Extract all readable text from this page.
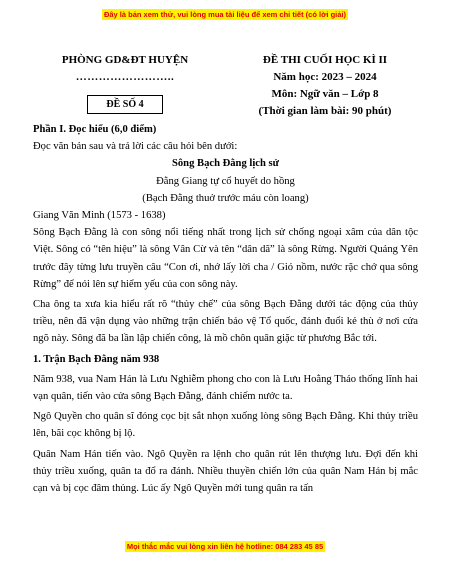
Đây là bản xem thử, vui lòng mua tài liệu để xem chi tiết (có lời giải)
PHÒNG GD&ĐT HUYỆN
……………………..
ĐỀ SỐ 4
ĐỀ THI CUỐI HỌC KÌ II
Năm học: 2023 – 2024
Môn: Ngữ văn – Lớp 8
(Thời gian làm bài: 90 phút)

Phần I. Đọc hiểu (6,0 điểm)

Đọc văn bản sau và trả lời các câu hỏi bên dưới:

Sông Bạch Đằng lịch sử

Đằng Giang tự cổ huyết do hồng

(Bạch Đằng thuở trước máu còn loang)

Giang Văn Minh (1573 - 1638)

Sông Bạch Đằng là con sông nổi tiếng nhất trong lịch sử chống ngoại xâm của dân tộc Việt. Sông có “tên hiệu” là sông Vân Cừ và tên “dân dã” là sông Rừng. Người Quảng Yên trước đây từng lưu truyền câu “Con ơi, nhớ lấy lời cha / Gió nồm, nước rặc chớ qua sông Rừng” để nói lên sự hiểm yếu của con sông này.

Cha ông ta xưa kia hiểu rất rõ “thủy chế” của sông Bạch Đằng dưới tác động của thủy triều, nên đã vận dụng vào những trận chiến bảo vệ Tổ quốc, đánh đuổi kẻ thù ở nơi cửa ngõ này. Sông đã ba lần lập chiến công, là mồ chôn quân giặc từ phương Bắc tới.

1. Trận Bạch Đằng năm 938

Năm 938, vua Nam Hán là Lưu Nghiễm phong cho con là Lưu Hoằng Tháo thống lĩnh hai vạn quân, tiến vào cửa sông Bạch Đằng, đánh chiếm nước ta.

Ngô Quyền cho quân sĩ đóng cọc bịt sắt nhọn xuống lòng sông Bạch Đằng. Khi thủy triều lên, bãi cọc không bị lộ.

Quân Nam Hán tiến vào. Ngô Quyền ra lệnh cho quân rút lên thượng lưu. Đợi đến khi thủy triều xuống, quân ta đổ ra đánh. Nhiều thuyền chiến lớn của quân Nam Hán bị mắc cạn và bị cọc đâm thủng. Lúc ấy Ngô Quyền mới tung quân ra tấn

Mọi thắc mắc vui lòng xin liên hệ hotline: 084 283 45 85
